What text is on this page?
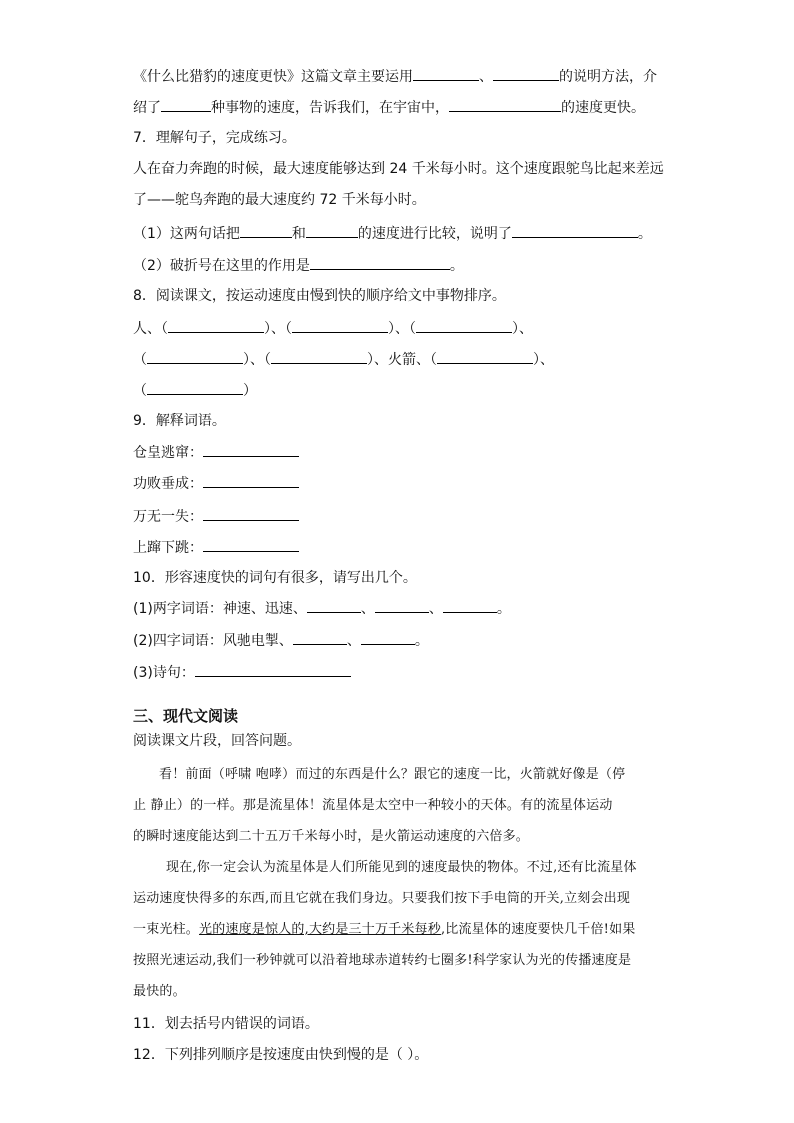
《什么比猎豹的速度更快》这篇文章主要运用	、	的说明方法，介
绍了	种事物的速度，告诉我们，在宇宙中，	的速度更快。
7．理解句子，完成练习。
人在奋力奔跑的时候，最大速度能够达到 24 千米每小时。这个速度跟鸵鸟比起来差远
了——鸵鸟奔跑的最大速度约 72 千米每小时。
（1）这两句话把	和	的速度进行比较，说明了	。
（2）破折号在这里的作用是	。
8．阅读课文，按运动速度由慢到快的顺序给文中事物排序。
人、（	）、（	）、（	）、
（	）、（	）、火箭、（	）、
（	）
9．解释词语。
仓皇逃窜：
功败垂成：
万无一失：
上蹿下跳：
10．形容速度快的词句有很多，请写出几个。
(1)两字词语：神速、迅速、	、	、	。
(2)四字词语：风驰电掣、	、	。
(3)诗句：
三、现代文阅读
阅读课文片段，回答问题。
看！前面（呼啸 咆哮）而过的东西是什么？跟它的速度一比，火箭就好像是（停
止 静止）的一样。那是流星体！流星体是太空中一种较小的天体。有的流星体运动
的瞬时速度能达到二十五万千米每小时，是火箭运动速度的六倍多。
现在,你一定会认为流星体是人们所能见到的速度最快的物体。不过,还有比流星体
运动速度快得多的东西,而且它就在我们身边。只要我们按下手电筒的开关,立刻会出现
一束光柱。光的速度是惊人的,大约是三十万千米每秒,比流星体的速度要快几千倍!如果
按照光速运动,我们一秒钟就可以沿着地球赤道转约七圈多!科学家认为光的传播速度是
最快的。
11．划去括号内错误的词语。
12．下列排列顺序是按速度由快到慢的是（ ）。
